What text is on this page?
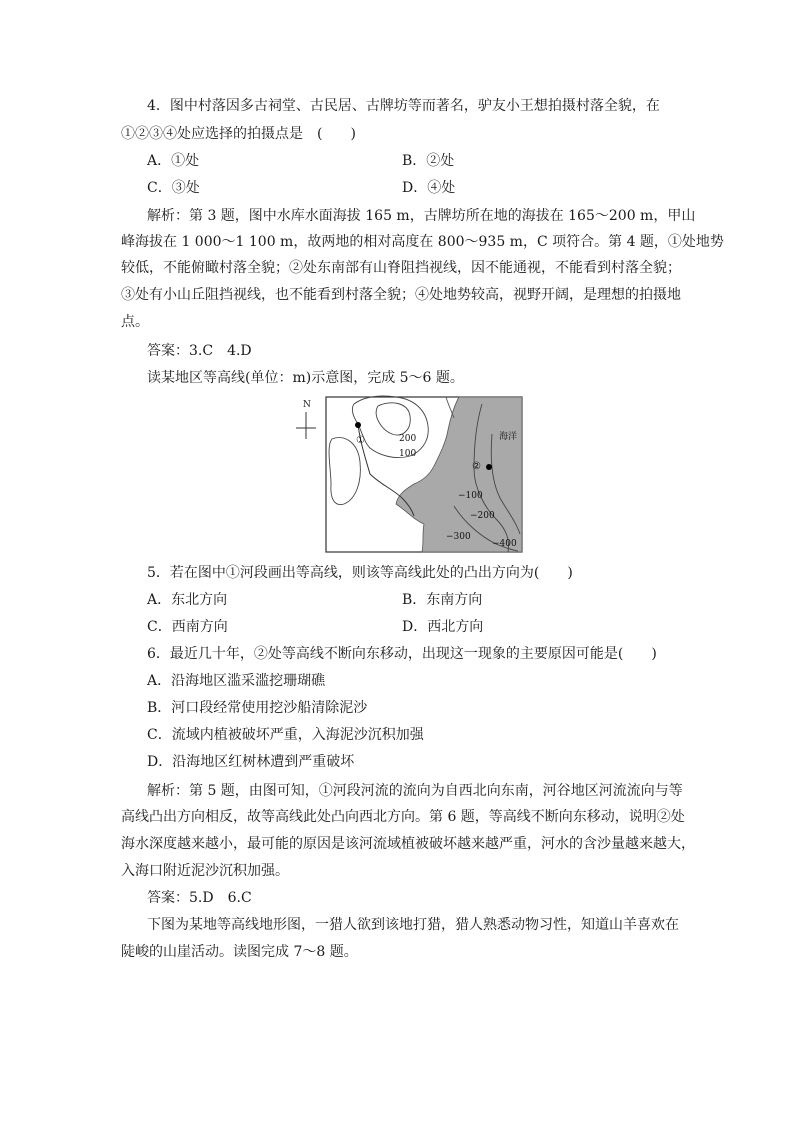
4．图中村落因多古祠堂、古民居、古牌坊等而著名，驴友小王想拍摄村落全貌，在
①②③④处应选择的拍摄点是　(　　)
A．①处	B．②处
C．③处	D．④处
解析：第 3 题，图中水库水面海拔 165 m，古牌坊所在地的海拔在 165～200 m，甲山
峰海拔在 1 000～1 100 m，故两地的相对高度在 800～935 m，C 项符合。第 4 题，①处地势
较低，不能俯瞰村落全貌；②处东南部有山脊阻挡视线，因不能通视，不能看到村落全貌；
③处有小山丘阻挡视线，也不能看到村落全貌；④处地势较高，视野开阔，是理想的拍摄地
点。
答案：3.C　4.D
读某地区等高线(单位：m)示意图，完成 5～6 题。
N
①
②
200
100
海洋
−100
−200
−300
−400
5．若在图中①河段画出等高线，则该等高线此处的凸出方向为(　　)
A．东北方向	B．东南方向
C．西南方向	D．西北方向
6．最近几十年，②处等高线不断向东移动，出现这一现象的主要原因可能是(　　)
A．沿海地区滥采滥挖珊瑚礁
B．河口段经常使用挖沙船清除泥沙
C．流域内植被破坏严重，入海泥沙沉积加强
D．沿海地区红树林遭到严重破坏
解析：第 5 题，由图可知，①河段河流的流向为自西北向东南，河谷地区河流流向与等
高线凸出方向相反，故等高线此处凸向西北方向。第 6 题，等高线不断向东移动，说明②处
海水深度越来越小，最可能的原因是该河流域植被破坏越来越严重，河水的含沙量越来越大，
入海口附近泥沙沉积加强。
答案：5.D　6.C
下图为某地等高线地形图，一猎人欲到该地打猎，猎人熟悉动物习性，知道山羊喜欢在
陡峻的山崖活动。读图完成 7～8 题。
